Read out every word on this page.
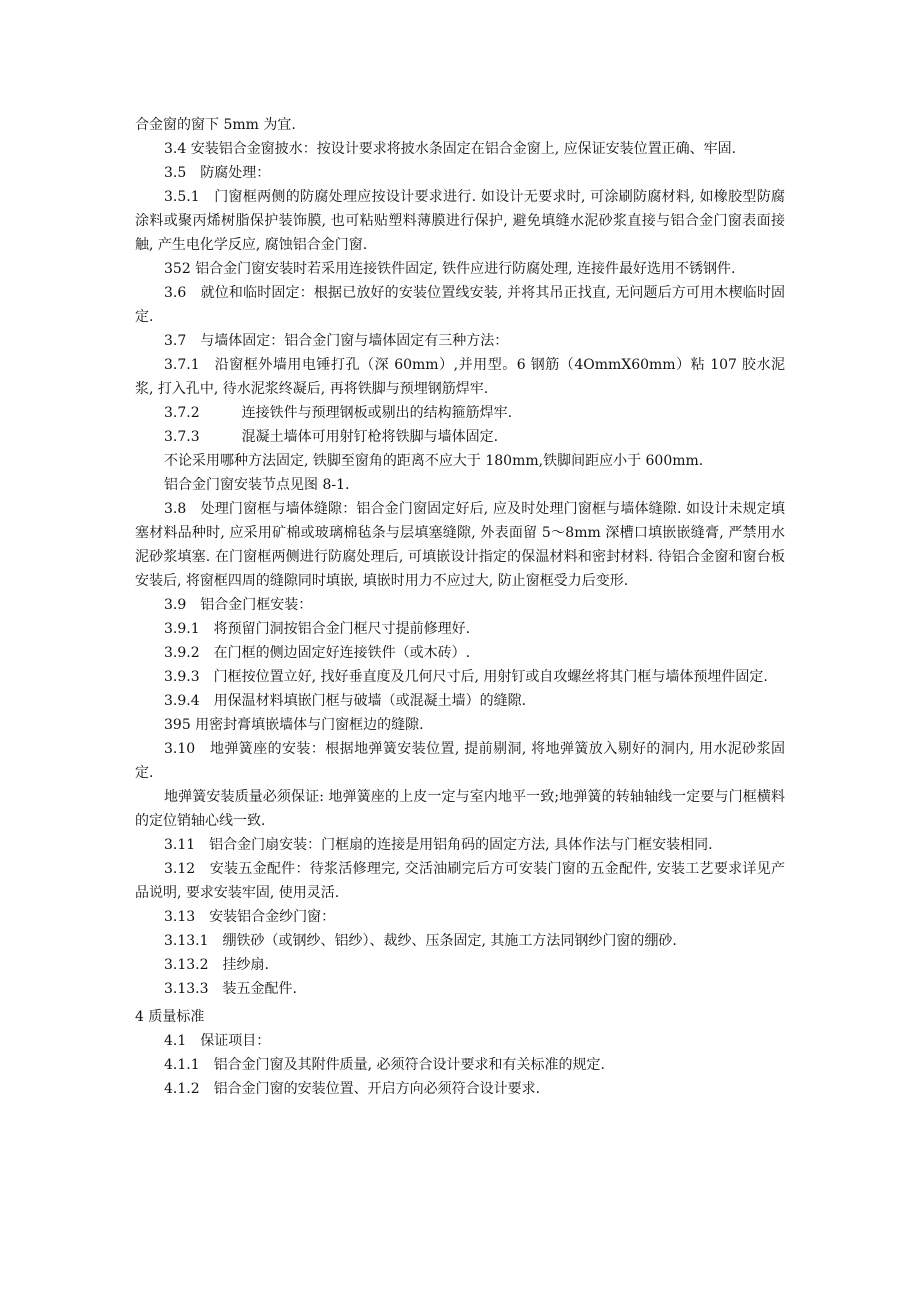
合金窗的窗下 5mm 为宜.

3.4 安装铝合金窗披水：按设计要求将披水条固定在铝合金窗上, 应保证安装位置正确、牢固.

3.5　防腐处理：

3.5.1　门窗框两侧的防腐处理应按设计要求进行. 如设计无要求时, 可涂刷防腐材料, 如橡胶型防腐涂料或聚丙烯树脂保护装饰膜, 也可粘贴塑料薄膜进行保护, 避免填缝水泥砂浆直接与铝合金门窗表面接触, 产生电化学反应, 腐蚀铝合金门窗.

352 铝合金门窗安装时若采用连接铁件固定, 铁件应进行防腐处理, 连接件最好选用不锈钢件.

3.6　就位和临时固定：根据已放好的安装位置线安装, 并将其吊正找直, 无问题后方可用木楔临时固定.

3.7　与墙体固定：铝合金门窗与墙体固定有三种方法：

3.7.1　沿窗框外墙用电锤打孔（深 60mm）,并用型。6 钢筋（4OmmX60mm）粘 107 胶水泥浆, 打入孔中, 待水泥浆终凝后, 再将铁脚与预埋钢筋焊牢.

3.7.2　　　连接铁件与预理钢板或剔出的结构箍筋焊牢.

3.7.3　　　混凝土墙体可用射钉枪将铁脚与墙体固定.

不论采用哪种方法固定, 铁脚至窗角的距离不应大于 180mm,铁脚间距应小于 600mm.

铝合金门窗安装节点见图 8-1.

3.8　处理门窗框与墙体缝隙：铝合金门窗固定好后, 应及时处理门窗框与墙体缝隙. 如设计未规定填塞材料品种时, 应采用矿棉或玻璃棉毡条与层填塞缝隙, 外表面留 5～8mm 深槽口填嵌嵌缝膏, 严禁用水泥砂浆填塞. 在门窗框两侧进行防腐处理后, 可填嵌设计指定的保温材料和密封材料. 待铝合金窗和窗台板安装后, 将窗框四周的缝隙同时填嵌, 填嵌时用力不应过大, 防止窗框受力后变形.

3.9　铝合金门框安装：

3.9.1　将预留门洞按铝合金门框尺寸提前修理好.

3.9.2　在门框的侧边固定好连接铁件（或木砖）.

3.9.3　门框按位置立好, 找好垂直度及几何尺寸后, 用射钉或自攻螺丝将其门框与墙体预埋件固定.

3.9.4　用保温材料填嵌门框与破墙（或混凝土墙）的缝隙.

395 用密封膏填嵌墙体与门窗框边的缝隙.

3.10　地弹簧座的安装：根据地弹簧安装位置, 提前剔洞, 将地弹簧放入剔好的洞内, 用水泥砂浆固定.

地弹簧安装质量必须保证: 地弹簧座的上皮一定与室内地平一致;地弹簧的转轴轴线一定要与门框横料的定位销轴心线一致.

3.11　铝合金门扇安装：门框扇的连接是用铝角码的固定方法, 具体作法与门框安装相同.

3.12　安装五金配件：待浆活修理完, 交活油刷完后方可安装门窗的五金配件, 安装工艺要求详见产品说明, 要求安装牢固, 使用灵活.

3.13　安装铝合金纱门窗：

3.13.1　绷铁砂（或钢纱、铝纱）、裁纱、压条固定, 其施工方法同钢纱门窗的绷砂.

3.13.2　挂纱扇.

3.13.3　装五金配件.

4 质量标准

4.1　保证项目：

4.1.1　铝合金门窗及其附件质量, 必须符合设计要求和有关标准的规定.

4.1.2　铝合金门窗的安装位置、开启方向必须符合设计要求.
